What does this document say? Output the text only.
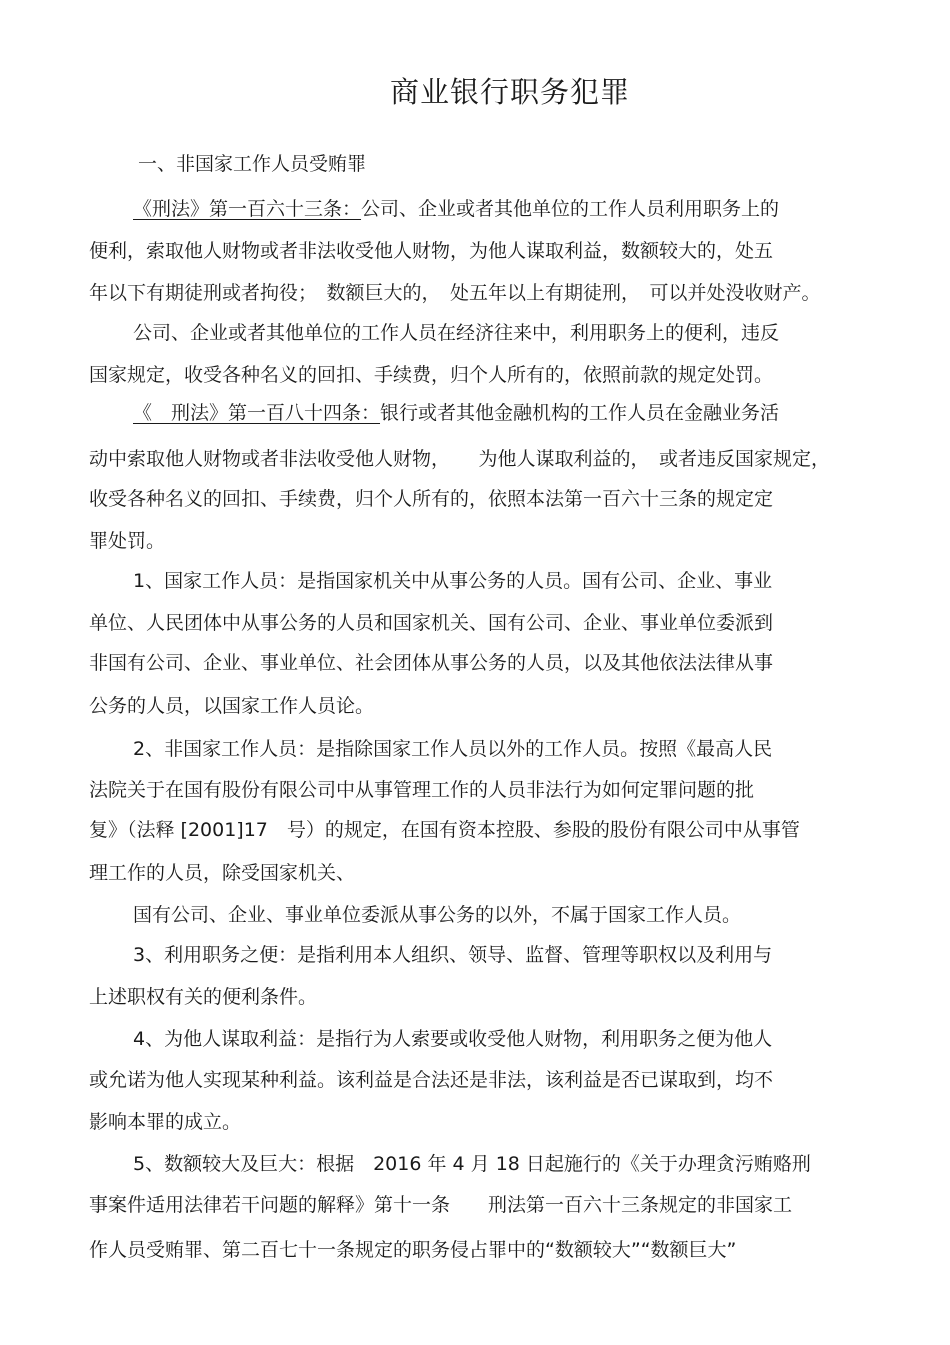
商业银行职务犯罪
一、非国家工作人员受贿罪
《刑法》第一百六十三条：公司、企业或者其他单位的工作人员利用职务上的
便利，索取他人财物或者非法收受他人财物，为他人谋取利益，数额较大的，处五
年以下有期徒刑或者拘役；　数额巨大的，　处五年以上有期徒刑，　可以并处没收财产。
公司、企业或者其他单位的工作人员在经济往来中，利用职务上的便利，违反
国家规定，收受各种名义的回扣、手续费，归个人所有的，依照前款的规定处罚。
《　刑法》第一百八十四条：银行或者其他金融机构的工作人员在金融业务活
动中索取他人财物或者非法收受他人财物，　　为他人谋取利益的，　或者违反国家规定，
收受各种名义的回扣、手续费，归个人所有的，依照本法第一百六十三条的规定定
罪处罚。
1、国家工作人员：是指国家机关中从事公务的人员。国有公司、企业、事业
单位、人民团体中从事公务的人员和国家机关、国有公司、企业、事业单位委派到
非国有公司、企业、事业单位、社会团体从事公务的人员，以及其他依法法律从事
公务的人员，以国家工作人员论。
2、非国家工作人员：是指除国家工作人员以外的工作人员。按照《最高人民
法院关于在国有股份有限公司中从事管理工作的人员非法行为如何定罪问题的批
复》（法释 [2001]17　号）的规定，在国有资本控股、参股的股份有限公司中从事管
理工作的人员，除受国家机关、
国有公司、企业、事业单位委派从事公务的以外，不属于国家工作人员。
3、利用职务之便：是指利用本人组织、领导、监督、管理等职权以及利用与
上述职权有关的便利条件。
4、为他人谋取利益：是指行为人索要或收受他人财物，利用职务之便为他人
或允诺为他人实现某种利益。该利益是合法还是非法，该利益是否已谋取到，均不
影响本罪的成立。
5、数额较大及巨大：根据　2016 年 4 月 18 日起施行的《关于办理贪污贿赂刑
事案件适用法律若干问题的解释》第十一条　　刑法第一百六十三条规定的非国家工
作人员受贿罪、第二百七十一条规定的职务侵占罪中的“数额较大”“数额巨大”
